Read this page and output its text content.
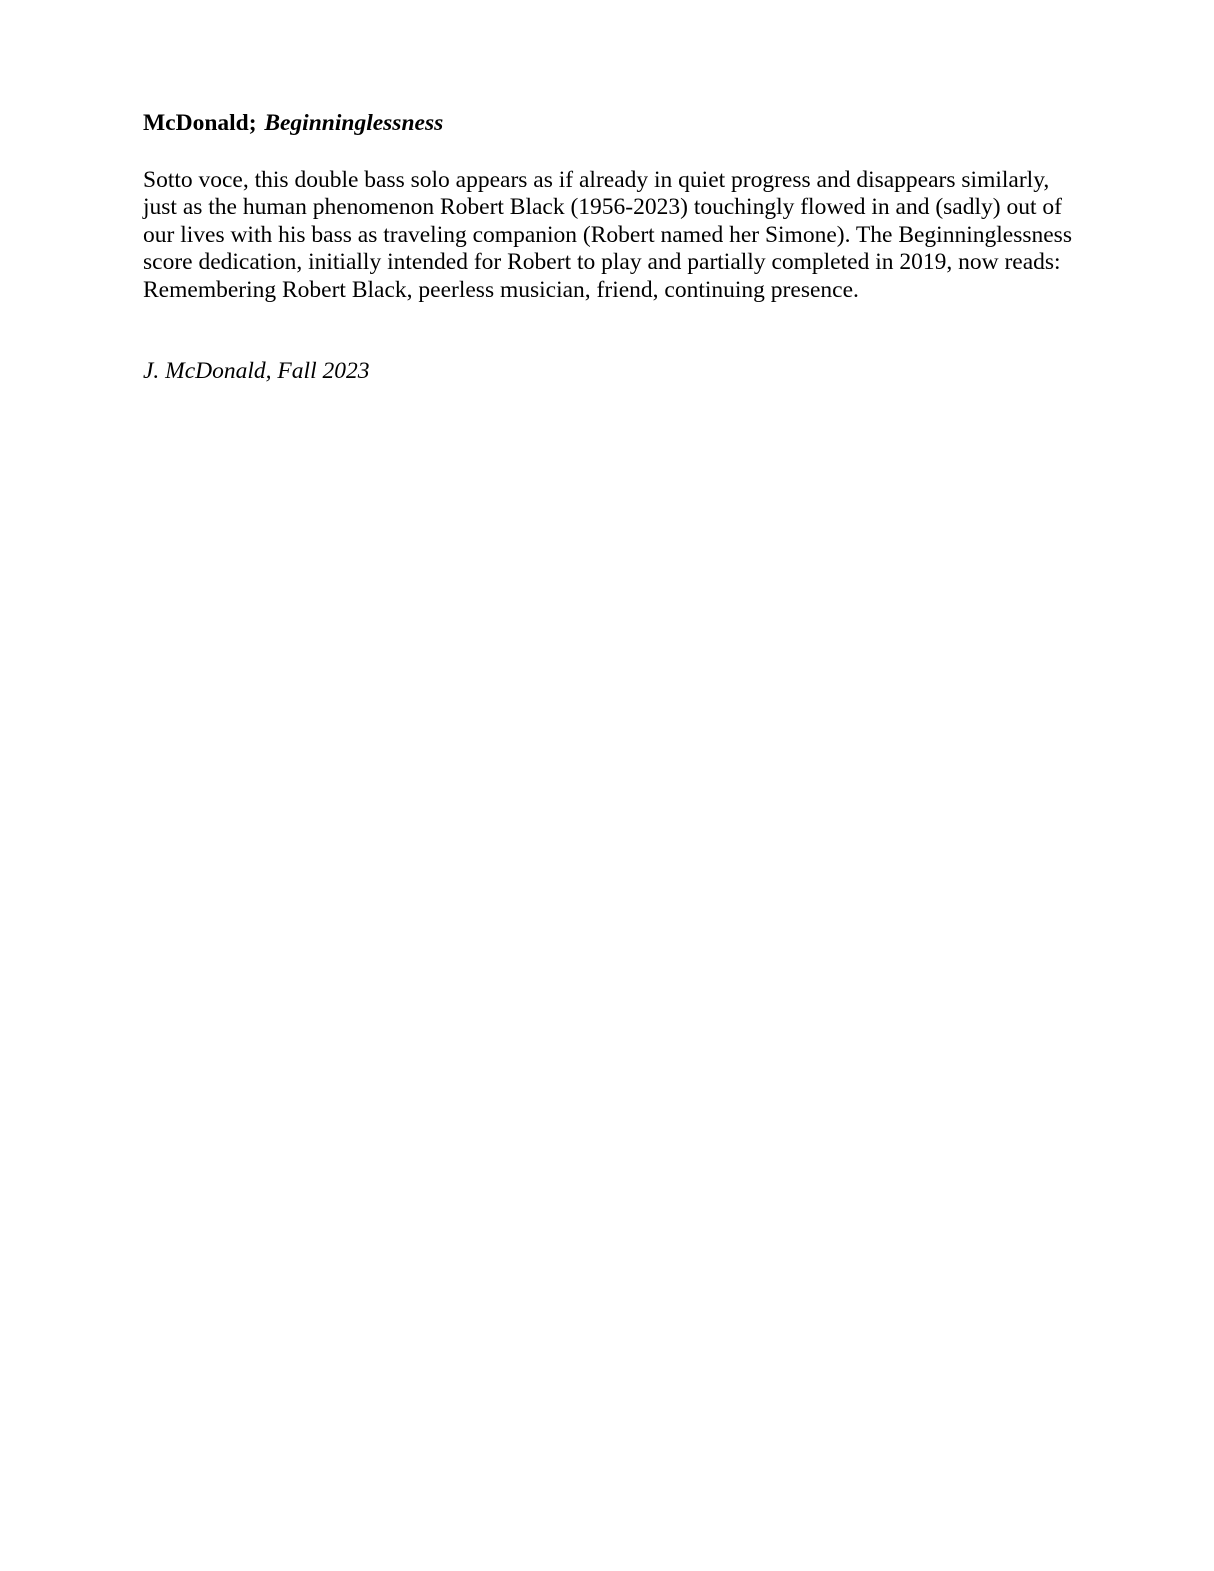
McDonald; Beginninglessness

Sotto voce, this double bass solo appears as if already in quiet progress and disappears similarly,
just as the human phenomenon Robert Black (1956-2023) touchingly flowed in and (sadly) out of
our lives with his bass as traveling companion (Robert named her Simone). The Beginninglessness
score dedication, initially intended for Robert to play and partially completed in 2019, now reads:
Remembering Robert Black, peerless musician, friend, continuing presence.

J. McDonald, Fall 2023
